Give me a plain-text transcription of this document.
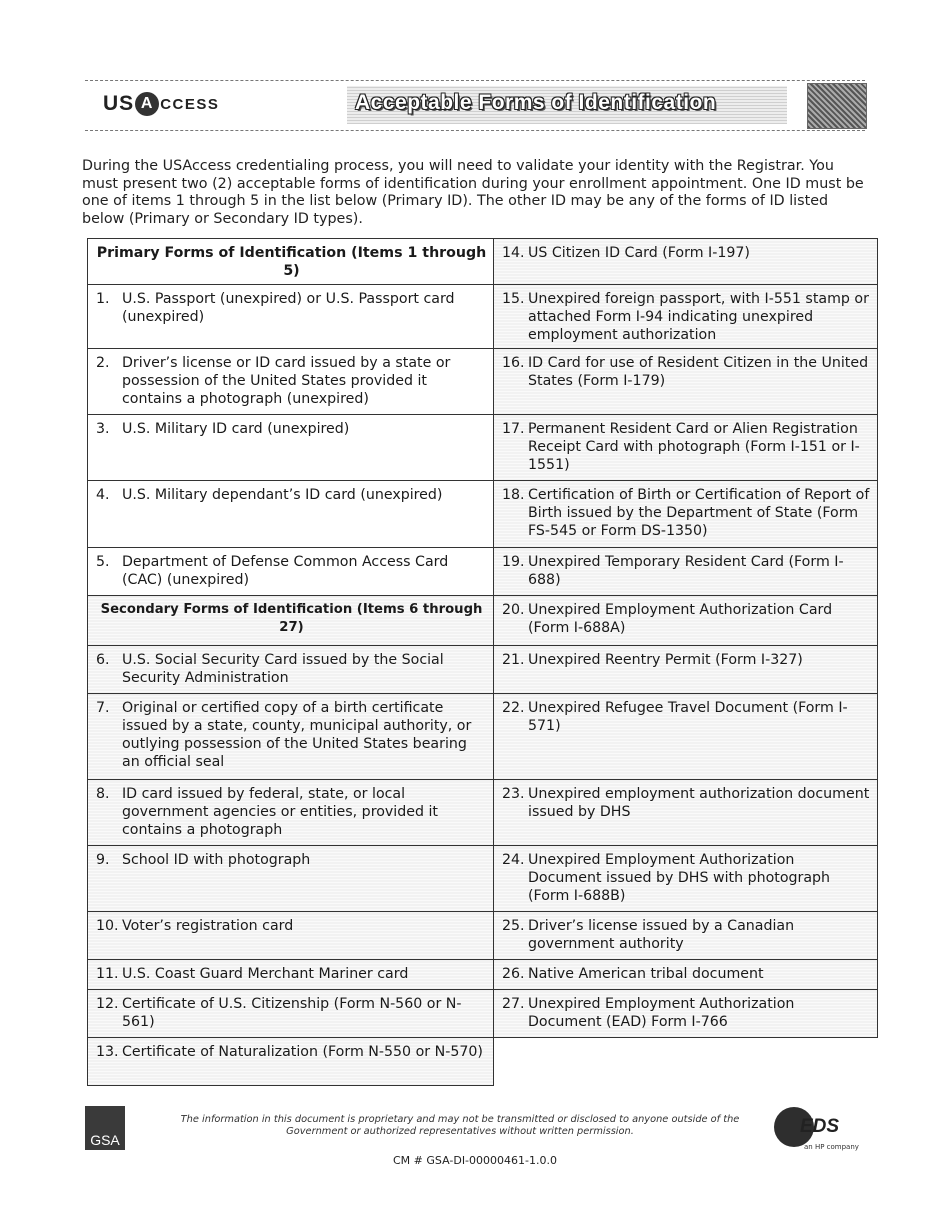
US A CCESS	Acceptable Forms of Identification
During the USAccess credentialing process, you will need to validate your identity with the Registrar. You must present two (2) acceptable forms of identification during your enrollment appointment. One ID must be one of items 1 through 5 in the list below (Primary ID). The other ID may be any of the forms of ID listed below (Primary or Secondary ID types).
Primary Forms of Identification (Items 1 through 5)	14. US Citizen ID Card (Form I-197)

1. U.S. Passport (unexpired) or U.S. Passport card (unexpired)	15. Unexpired foreign passport, with I-551 stamp or attached Form I-94 indicating unexpired employment authorization

2. Driver’s license or ID card issued by a state or possession of the United States provided it contains a photograph (unexpired)	16. ID Card for use of Resident Citizen in the United States (Form I-179)

3. U.S. Military ID card (unexpired)	17. Permanent Resident Card or Alien Registration Receipt Card with photograph (Form I-151 or I-1551)

4. U.S. Military dependant’s ID card (unexpired)	18. Certification of Birth or Certification of Report of Birth issued by the Department of State (Form FS-545 or Form DS-1350)

5. Department of Defense Common Access Card (CAC) (unexpired)	19. Unexpired Temporary Resident Card (Form I-688)

Secondary Forms of Identification (Items 6 through 27)	20. Unexpired Employment Authorization Card (Form I-688A)

6. U.S. Social Security Card issued by the Social Security Administration	21. Unexpired Reentry Permit (Form I-327)

7. Original or certified copy of a birth certificate issued by a state, county, municipal authority, or outlying possession of the United States bearing an official seal	22. Unexpired Refugee Travel Document (Form I-571)

8. ID card issued by federal, state, or local government agencies or entities, provided it contains a photograph	23. Unexpired employment authorization document issued by DHS

9. School ID with photograph	24. Unexpired Employment Authorization Document issued by DHS with photograph (Form I-688B)

10. Voter’s registration card	25. Driver’s license issued by a Canadian government authority

11. U.S. Coast Guard Merchant Mariner card	26. Native American tribal document

12. Certificate of U.S. Citizenship (Form N-560 or N-561)	27. Unexpired Employment Authorization Document (EAD) Form I-766

13. Certificate of Naturalization (Form N-550 or N-570)	

GSA
The information in this document is proprietary and may not be transmitted or disclosed to anyone outside of the Government or authorized representatives without written permission.	EDS
an HP company
CM # GSA-DI-00000461-1.0.0
